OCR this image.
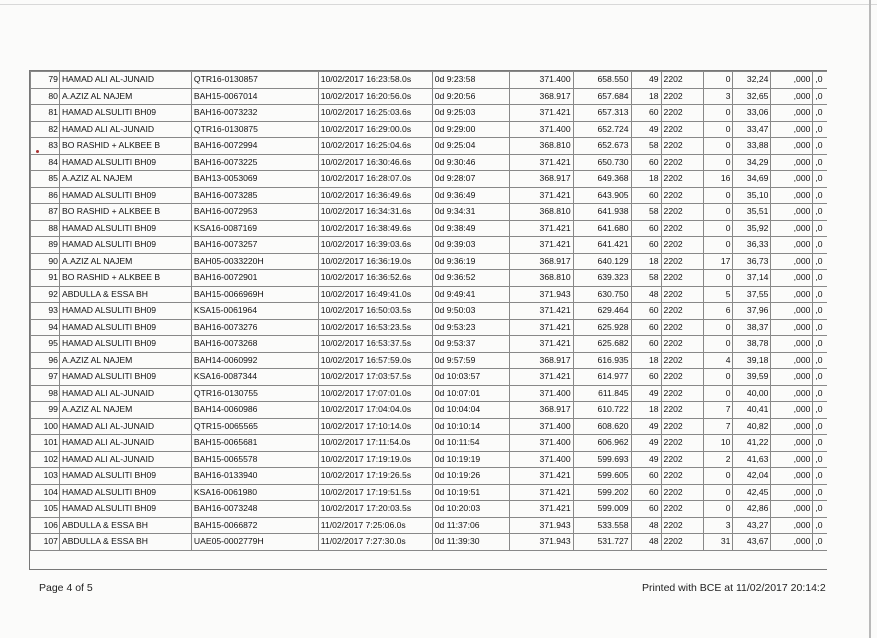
79	HAMAD ALI AL-JUNAID	QTR16-0130857	10/02/2017 16:23:58.0s	0d 9:23:58	371.400	658.550	49	2202	0	32,24	,000	,0
80	A.AZIZ AL NAJEM	BAH15-0067014	10/02/2017 16:20:56.0s	0d 9:20:56	368.917	657.684	18	2202	3	32,65	,000	,0
81	HAMAD ALSULITI BH09	BAH16-0073232	10/02/2017 16:25:03.6s	0d 9:25:03	371.421	657.313	60	2202	0	33,06	,000	,0
82	HAMAD ALI AL-JUNAID	QTR16-0130875	10/02/2017 16:29:00.0s	0d 9:29:00	371.400	652.724	49	2202	0	33,47	,000	,0
83	BO RASHID + ALKBEE B	BAH16-0072994	10/02/2017 16:25:04.6s	0d 9:25:04	368.810	652.673	58	2202	0	33,88	,000	,0
84	HAMAD ALSULITI BH09	BAH16-0073225	10/02/2017 16:30:46.6s	0d 9:30:46	371.421	650.730	60	2202	0	34,29	,000	,0
85	A.AZIZ AL NAJEM	BAH13-0053069	10/02/2017 16:28:07.0s	0d 9:28:07	368.917	649.368	18	2202	16	34,69	,000	,0
86	HAMAD ALSULITI BH09	BAH16-0073285	10/02/2017 16:36:49.6s	0d 9:36:49	371.421	643.905	60	2202	0	35,10	,000	,0
87	BO RASHID + ALKBEE B	BAH16-0072953	10/02/2017 16:34:31.6s	0d 9:34:31	368.810	641.938	58	2202	0	35,51	,000	,0
88	HAMAD ALSULITI BH09	KSA16-0087169	10/02/2017 16:38:49.6s	0d 9:38:49	371.421	641.680	60	2202	0	35,92	,000	,0
89	HAMAD ALSULITI BH09	BAH16-0073257	10/02/2017 16:39:03.6s	0d 9:39:03	371.421	641.421	60	2202	0	36,33	,000	,0
90	A.AZIZ AL NAJEM	BAH05-0033220H	10/02/2017 16:36:19.0s	0d 9:36:19	368.917	640.129	18	2202	17	36,73	,000	,0
91	BO RASHID + ALKBEE B	BAH16-0072901	10/02/2017 16:36:52.6s	0d 9:36:52	368.810	639.323	58	2202	0	37,14	,000	,0
92	ABDULLA & ESSA BH	BAH15-0066969H	10/02/2017 16:49:41.0s	0d 9:49:41	371.943	630.750	48	2202	5	37,55	,000	,0
93	HAMAD ALSULITI BH09	KSA15-0061964	10/02/2017 16:50:03.5s	0d 9:50:03	371.421	629.464	60	2202	6	37,96	,000	,0
94	HAMAD ALSULITI BH09	BAH16-0073276	10/02/2017 16:53:23.5s	0d 9:53:23	371.421	625.928	60	2202	0	38,37	,000	,0
95	HAMAD ALSULITI BH09	BAH16-0073268	10/02/2017 16:53:37.5s	0d 9:53:37	371.421	625.682	60	2202	0	38,78	,000	,0
96	A.AZIZ AL NAJEM	BAH14-0060992	10/02/2017 16:57:59.0s	0d 9:57:59	368.917	616.935	18	2202	4	39,18	,000	,0
97	HAMAD ALSULITI BH09	KSA16-0087344	10/02/2017 17:03:57.5s	0d 10:03:57	371.421	614.977	60	2202	0	39,59	,000	,0
98	HAMAD ALI AL-JUNAID	QTR16-0130755	10/02/2017 17:07:01.0s	0d 10:07:01	371.400	611.845	49	2202	0	40,00	,000	,0
99	A.AZIZ AL NAJEM	BAH14-0060986	10/02/2017 17:04:04.0s	0d 10:04:04	368.917	610.722	18	2202	7	40,41	,000	,0
100	HAMAD ALI AL-JUNAID	QTR15-0065565	10/02/2017 17:10:14.0s	0d 10:10:14	371.400	608.620	49	2202	7	40,82	,000	,0
101	HAMAD ALI AL-JUNAID	BAH15-0065681	10/02/2017 17:11:54.0s	0d 10:11:54	371.400	606.962	49	2202	10	41,22	,000	,0
102	HAMAD ALI AL-JUNAID	BAH15-0065578	10/02/2017 17:19:19.0s	0d 10:19:19	371.400	599.693	49	2202	2	41,63	,000	,0
103	HAMAD ALSULITI BH09	BAH16-0133940	10/02/2017 17:19:26.5s	0d 10:19:26	371.421	599.605	60	2202	0	42,04	,000	,0
104	HAMAD ALSULITI BH09	KSA16-0061980	10/02/2017 17:19:51.5s	0d 10:19:51	371.421	599.202	60	2202	0	42,45	,000	,0
105	HAMAD ALSULITI BH09	BAH16-0073248	10/02/2017 17:20:03.5s	0d 10:20:03	371.421	599.009	60	2202	0	42,86	,000	,0
106	ABDULLA & ESSA BH	BAH15-0066872	11/02/2017 7:25:06.0s	0d 11:37:06	371.943	533.558	48	2202	3	43,27	,000	,0
107	ABDULLA & ESSA BH	UAE05-0002779H	11/02/2017 7:27:30.0s	0d 11:39:30	371.943	531.727	48	2202	31	43,67	,000	,0
Page 4 of 5	Printed with BCE at 11/02/2017 20:14:2
